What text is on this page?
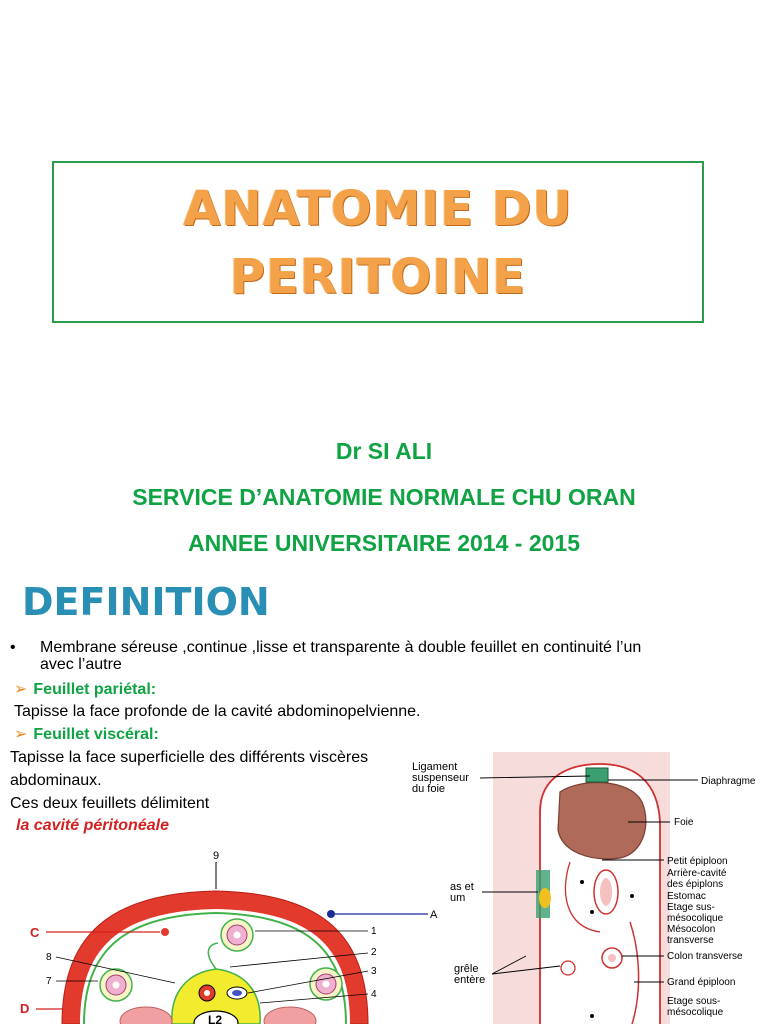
ANATOMIE DU
PERITOINE
Dr SI ALI
SERVICE D’ANATOMIE NORMALE CHU ORAN
ANNEE UNIVERSITAIRE 2014 - 2015
DEFINITION
• Membrane séreuse ,continue ,lisse et transparente à double feuillet en continuité l’un
avec l’autre
➢ Feuillet pariétal:
Tapisse la face profonde de la cavité abdominopelvienne.
➢ Feuillet viscéral:
Tapisse la face superficielle des différents viscères
abdominaux.
Ces deux feuillets délimitent
la cavité péritonéale
9
L2
C
D
A
1
2
3
4
8
7
Ligament
suspenseur
du foie
as et
um
grêle
entère
Diaphragme
Foie
Petit épiploon
Arrière-cavité
des épiplons
Estomac
Etage sus-
mésocolique
Mésocolon
transverse
Colon transverse
Grand épiploon
Etage sous-
mésocolique
